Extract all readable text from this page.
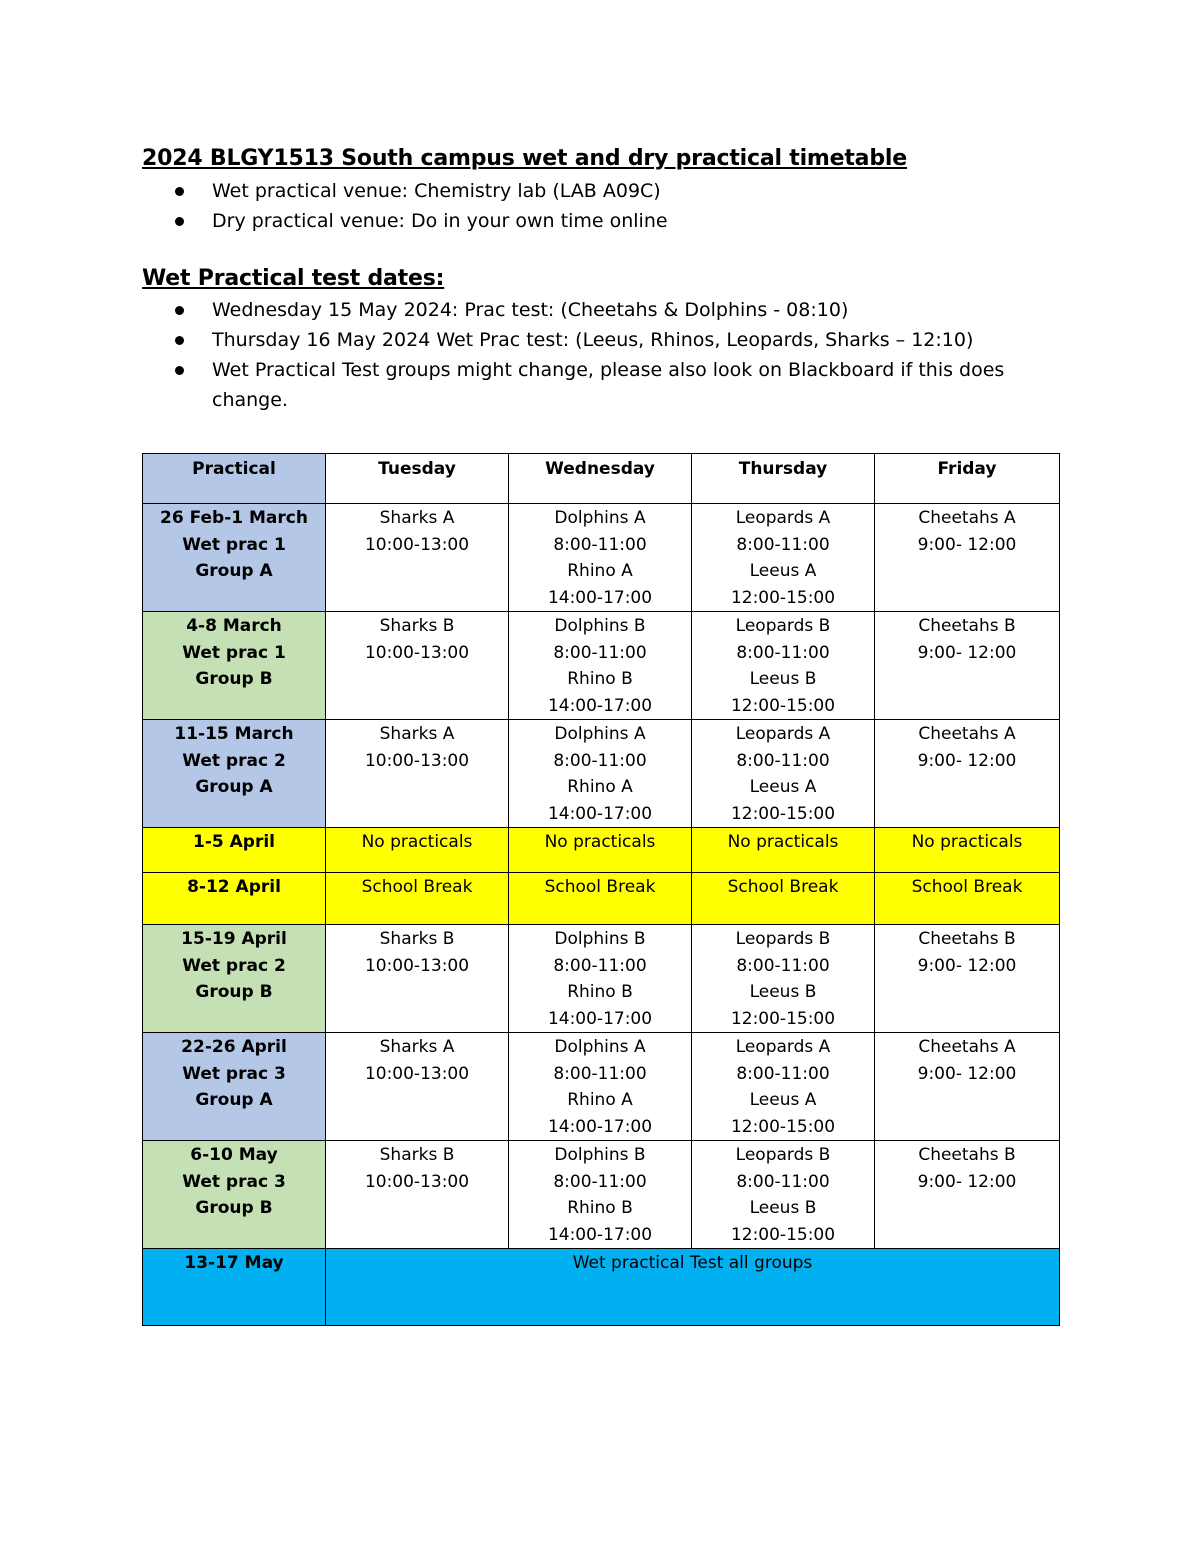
2024 BLGY1513 South campus wet and dry practical timetable
Wet practical venue: Chemistry lab (LAB A09C)
Dry practical venue: Do in your own time online
Wet Practical test dates:
Wednesday 15 May 2024: Prac test: (Cheetahs & Dolphins - 08:10)
Thursday 16 May 2024 Wet Prac test: (Leeus, Rhinos, Leopards, Sharks – 12:10)
Wet Practical Test groups might change, please also look on Blackboard if this does change.
Practical	Tuesday	Wednesday	Thursday	Friday

26 Feb-1 March
Wet prac 1
Group A	Sharks A
10:00-13:00	Dolphins A
8:00-11:00
Rhino A
14:00-17:00	Leopards A
8:00-11:00
Leeus A
12:00-15:00	Cheetahs A
9:00- 12:00

4-8 March
Wet prac 1
Group B	Sharks B
10:00-13:00	Dolphins B
8:00-11:00
Rhino B
14:00-17:00	Leopards B
8:00-11:00
Leeus B
12:00-15:00	Cheetahs B
9:00- 12:00

11-15 March
Wet prac 2
Group A	Sharks A
10:00-13:00	Dolphins A
8:00-11:00
Rhino A
14:00-17:00	Leopards A
8:00-11:00
Leeus A
12:00-15:00	Cheetahs A
9:00- 12:00

1-5 April	No practicals	No practicals	No practicals	No practicals
8-12 April	School Break	School Break	School Break	School Break

15-19 April
Wet prac 2
Group B	Sharks B
10:00-13:00	Dolphins B
8:00-11:00
Rhino B
14:00-17:00	Leopards B
8:00-11:00
Leeus B
12:00-15:00	Cheetahs B
9:00- 12:00

22-26 April
Wet prac 3
Group A	Sharks A
10:00-13:00	Dolphins A
8:00-11:00
Rhino A
14:00-17:00	Leopards A
8:00-11:00
Leeus A
12:00-15:00	Cheetahs A
9:00- 12:00

6-10 May
Wet prac 3
Group B	Sharks B
10:00-13:00	Dolphins B
8:00-11:00
Rhino B
14:00-17:00	Leopards B
8:00-11:00
Leeus B
12:00-15:00	Cheetahs B
9:00- 12:00

13-17 May	Wet practical Test all groups			
